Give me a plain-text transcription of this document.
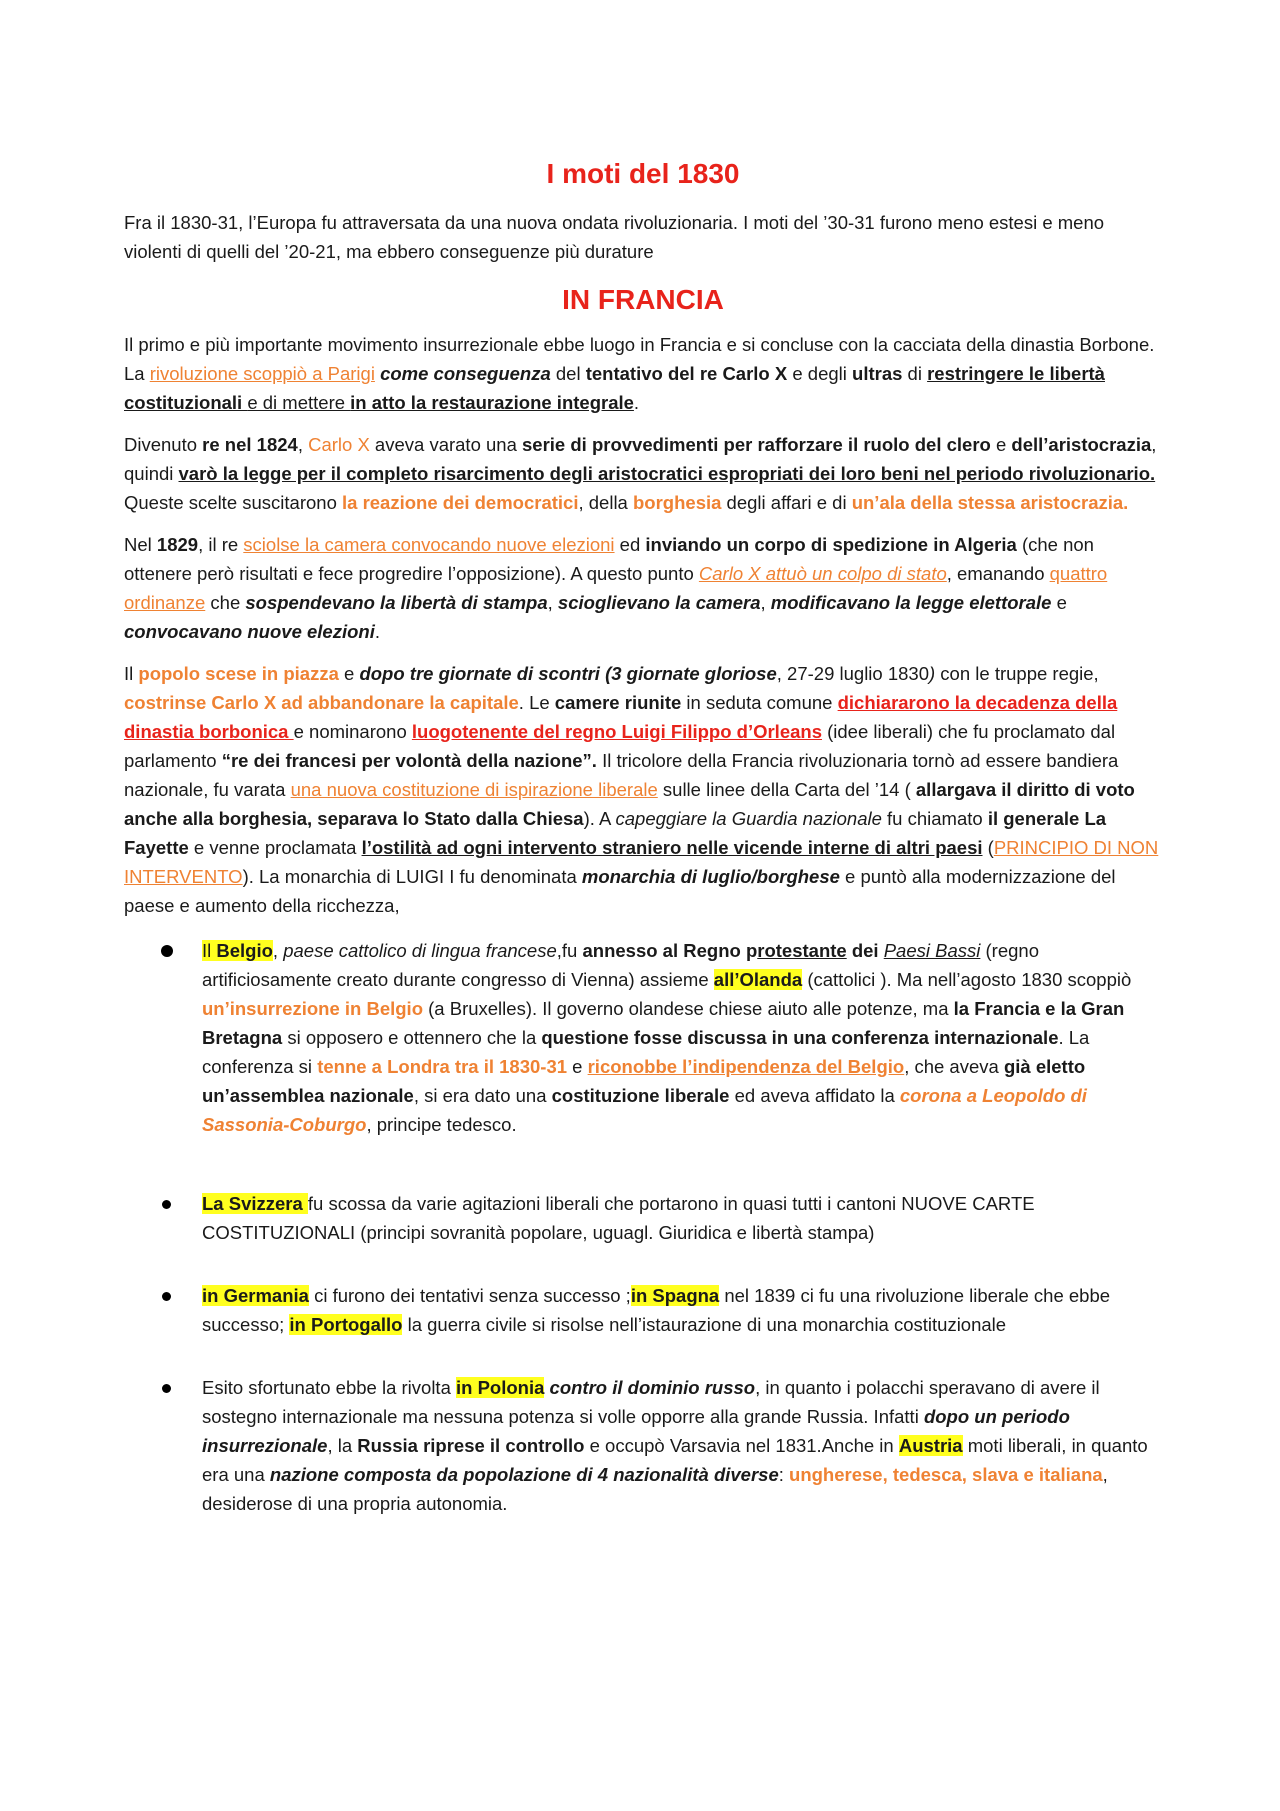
I moti del 1830

Fra il 1830-31, l’Europa fu attraversata da una nuova ondata rivoluzionaria. I moti del ’30-31 furono meno estesi e meno violenti di quelli del ’20-21, ma ebbero conseguenze più durature

IN FRANCIA

Il primo e più importante movimento insurrezionale ebbe luogo in Francia e si concluse con la cacciata della dinastia Borbone. La rivoluzione scoppiò a Parigi come conseguenza del tentativo del re Carlo X e degli ultras di restringere le libertà costituzionali e di mettere in atto la restaurazione integrale.

Divenuto re nel 1824, Carlo X aveva varato una serie di provvedimenti per rafforzare il ruolo del clero e dell’aristocrazia, quindi varò la legge per il completo risarcimento degli aristocratici espropriati dei loro beni nel periodo rivoluzionario. Queste scelte suscitarono la reazione dei democratici, della borghesia degli affari e di un’ala della stessa aristocrazia.

Nel 1829, il re sciolse la camera convocando nuove elezioni ed inviando un corpo di spedizione in Algeria (che non ottenere però risultati e fece progredire l’opposizione). A questo punto Carlo X attuò un colpo di stato, emanando quattro ordinanze che sospendevano la libertà di stampa, scioglievano la camera, modificavano la legge elettorale e convocavano nuove elezioni.

Il popolo scese in piazza e dopo tre giornate di scontri (3 giornate gloriose, 27-29 luglio 1830) con le truppe regie, costrinse Carlo X ad abbandonare la capitale. Le camere riunite in seduta comune dichiararono la decadenza della dinastia borbonica e nominarono luogotenente del regno Luigi Filippo d’Orleans (idee liberali) che fu proclamato dal parlamento “re dei francesi per volontà della nazione”. Il tricolore della Francia rivoluzionaria tornò ad essere bandiera nazionale, fu varata una nuova costituzione di ispirazione liberale sulle linee della Carta del ’14 ( allargava il diritto di voto anche alla borghesia, separava lo Stato dalla Chiesa). A capeggiare la Guardia nazionale fu chiamato il generale La Fayette e venne proclamata l’ostilità ad ogni intervento straniero nelle vicende interne di altri paesi (PRINCIPIO DI NON INTERVENTO). La monarchia di LUIGI I fu denominata monarchia di luglio/borghese e puntò alla modernizzazione del paese e aumento della ricchezza,

Il Belgio, paese cattolico di lingua francese,fu annesso al Regno protestante dei Paesi Bassi (regno artificiosamente creato durante congresso di Vienna) assieme all’Olanda (cattolici ). Ma nell’agosto 1830 scoppiò un’insurrezione in Belgio (a Bruxelles). Il governo olandese chiese aiuto alle potenze, ma la Francia e la Gran Bretagna si opposero e ottennero che la questione fosse discussa in una conferenza internazionale. La conferenza si tenne a Londra tra il 1830-31 e riconobbe l’indipendenza del Belgio, che aveva già eletto un’assemblea nazionale, si era dato una costituzione liberale ed aveva affidato la corona a Leopoldo di Sassonia-Coburgo, principe tedesco.
La Svizzera fu scossa da varie agitazioni liberali che portarono in quasi tutti i cantoni NUOVE CARTE COSTITUZIONALI (principi sovranità popolare, uguagl. Giuridica e libertà stampa)
in Germania ci furono dei tentativi senza successo ;in Spagna nel 1839 ci fu una rivoluzione liberale che ebbe successo; in Portogallo la guerra civile si risolse nell’istaurazione di una monarchia costituzionale
Esito sfortunato ebbe la rivolta in Polonia contro il dominio russo, in quanto i polacchi speravano di avere il sostegno internazionale ma nessuna potenza si volle opporre alla grande Russia. Infatti dopo un periodo insurrezionale, la Russia riprese il controllo e occupò Varsavia nel 1831.Anche in Austria moti liberali, in quanto era una nazione composta da popolazione di 4 nazionalità diverse: ungherese, tedesca, slava e italiana, desiderose di una propria autonomia.
